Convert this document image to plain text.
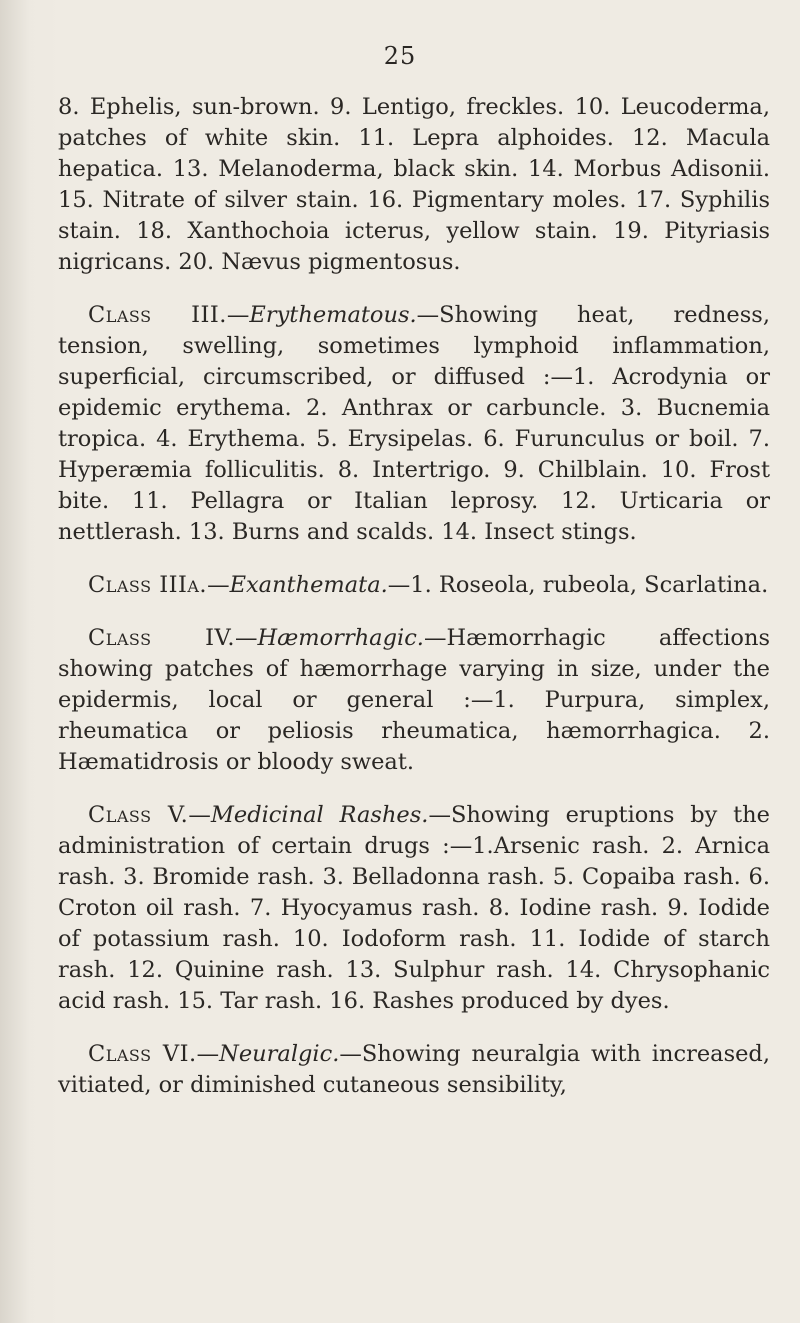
25

8. Ephelis, sun-brown. 9. Lentigo, freckles. 10. Leucoderma, patches of white skin. 11. Lepra alphoides. 12. Macula hepatica. 13. Melanoderma, black skin. 14. Morbus Adisonii. 15. Nitrate of silver stain. 16. Pigmentary moles. 17. Syphilis stain. 18. Xanthochoia icterus, yellow stain. 19. Pityriasis nigricans. 20. Nævus pigmentosus.

Class III.—Erythematous.—Showing heat, redness, tension, swelling, sometimes lymphoid inflammation, superficial, circumscribed, or diffused :—1. Acrodynia or epidemic erythema. 2. Anthrax or carbuncle. 3. Bucnemia tropica. 4. Erythema. 5. Erysipelas. 6. Furunculus or boil. 7. Hyperæmia folliculitis. 8. Intertrigo. 9. Chilblain. 10. Frost bite. 11. Pellagra or Italian leprosy. 12. Urticaria or nettlerash. 13. Burns and scalds. 14. Insect stings.

Class IIIa.—Exanthemata.—1. Roseola, rubeola, Scarlatina.

Class IV.—Hæmorrhagic.—Hæmorrhagic affections showing patches of hæmorrhage varying in size, under the epidermis, local or general :—1. Purpura, simplex, rheumatica or peliosis rheumatica, hæmorrhagica. 2. Hæmatidrosis or bloody sweat.

Class V.—Medicinal Rashes.—Showing eruptions by the administration of certain drugs :—1.Arsenic rash. 2. Arnica rash. 3. Bromide rash. 3. Belladonna rash. 5. Copaiba rash. 6. Croton oil rash. 7. Hyocyamus rash. 8. Iodine rash. 9. Iodide of potassium rash. 10. Iodoform rash. 11. Iodide of starch rash. 12. Quinine rash. 13. Sulphur rash. 14. Chrysophanic acid rash. 15. Tar rash. 16. Rashes produced by dyes.

Class VI.—Neuralgic.—Showing neuralgia with increased, vitiated, or diminished cutaneous sensibility,
